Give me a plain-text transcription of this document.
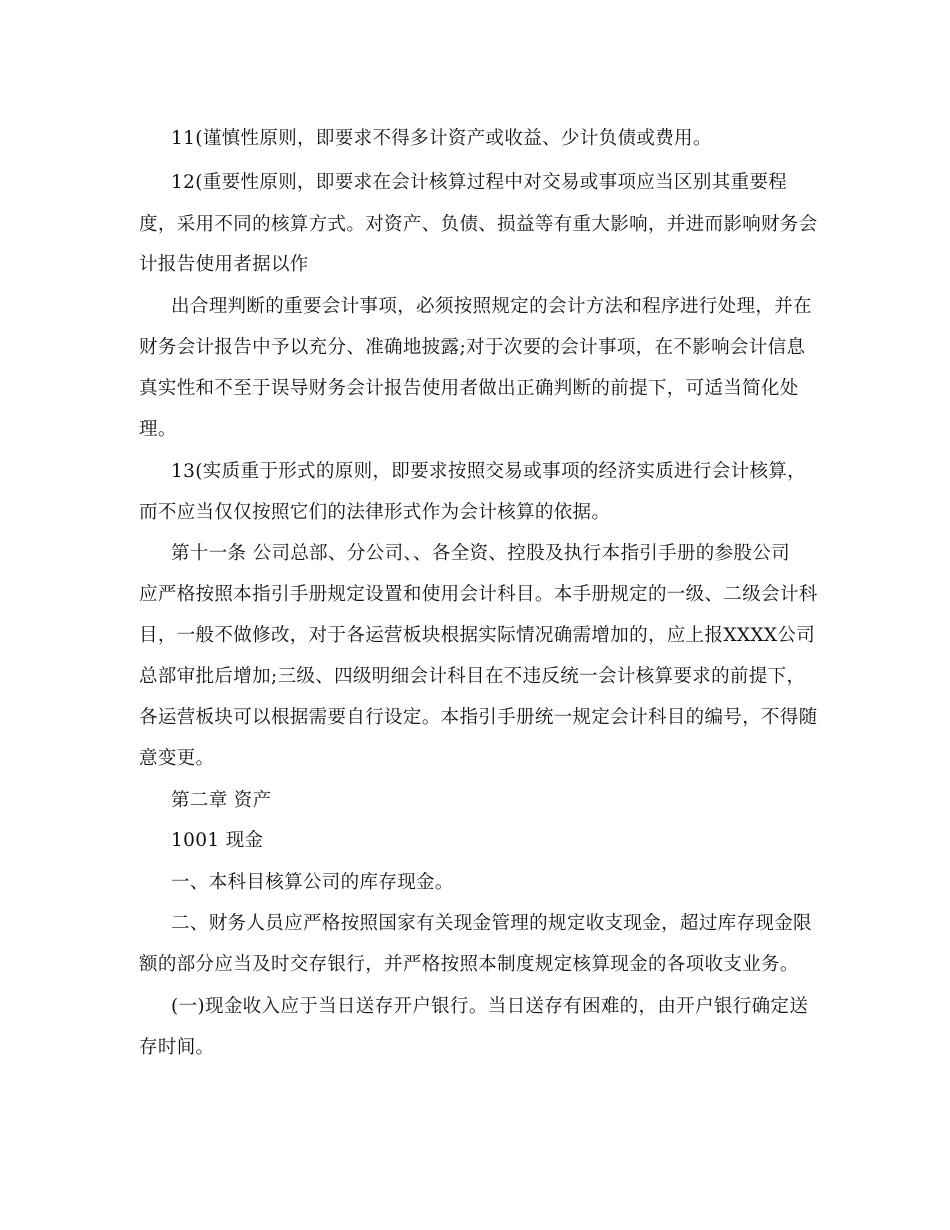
11(谨慎性原则，即要求不得多计资产或收益、少计负债或费用。
12(重要性原则，即要求在会计核算过程中对交易或事项应当区别其重要程
度，采用不同的核算方式。对资产、负债、损益等有重大影响，并进而影响财务会
计报告使用者据以作
出合理判断的重要会计事项，必须按照规定的会计方法和程序进行处理，并在
财务会计报告中予以充分、准确地披露;对于次要的会计事项，在不影响会计信息
真实性和不至于误导财务会计报告使用者做出正确判断的前提下，可适当简化处
理。
13(实质重于形式的原则，即要求按照交易或事项的经济实质进行会计核算，
而不应当仅仅按照它们的法律形式作为会计核算的依据。
第十一条 公司总部、分公司、、各全资、控股及执行本指引手册的参股公司
应严格按照本指引手册规定设置和使用会计科目。本手册规定的一级、二级会计科
目，一般不做修改，对于各运营板块根据实际情况确需增加的，应上报XXXX公司
总部审批后增加;三级、四级明细会计科目在不违反统一会计核算要求的前提下，
各运营板块可以根据需要自行设定。本指引手册统一规定会计科目的编号，不得随
意变更。
第二章 资产
1001 现金
一、本科目核算公司的库存现金。
二、财务人员应严格按照国家有关现金管理的规定收支现金，超过库存现金限
额的部分应当及时交存银行，并严格按照本制度规定核算现金的各项收支业务。
(一)现金收入应于当日送存开户银行。当日送存有困难的，由开户银行确定送
存时间。
